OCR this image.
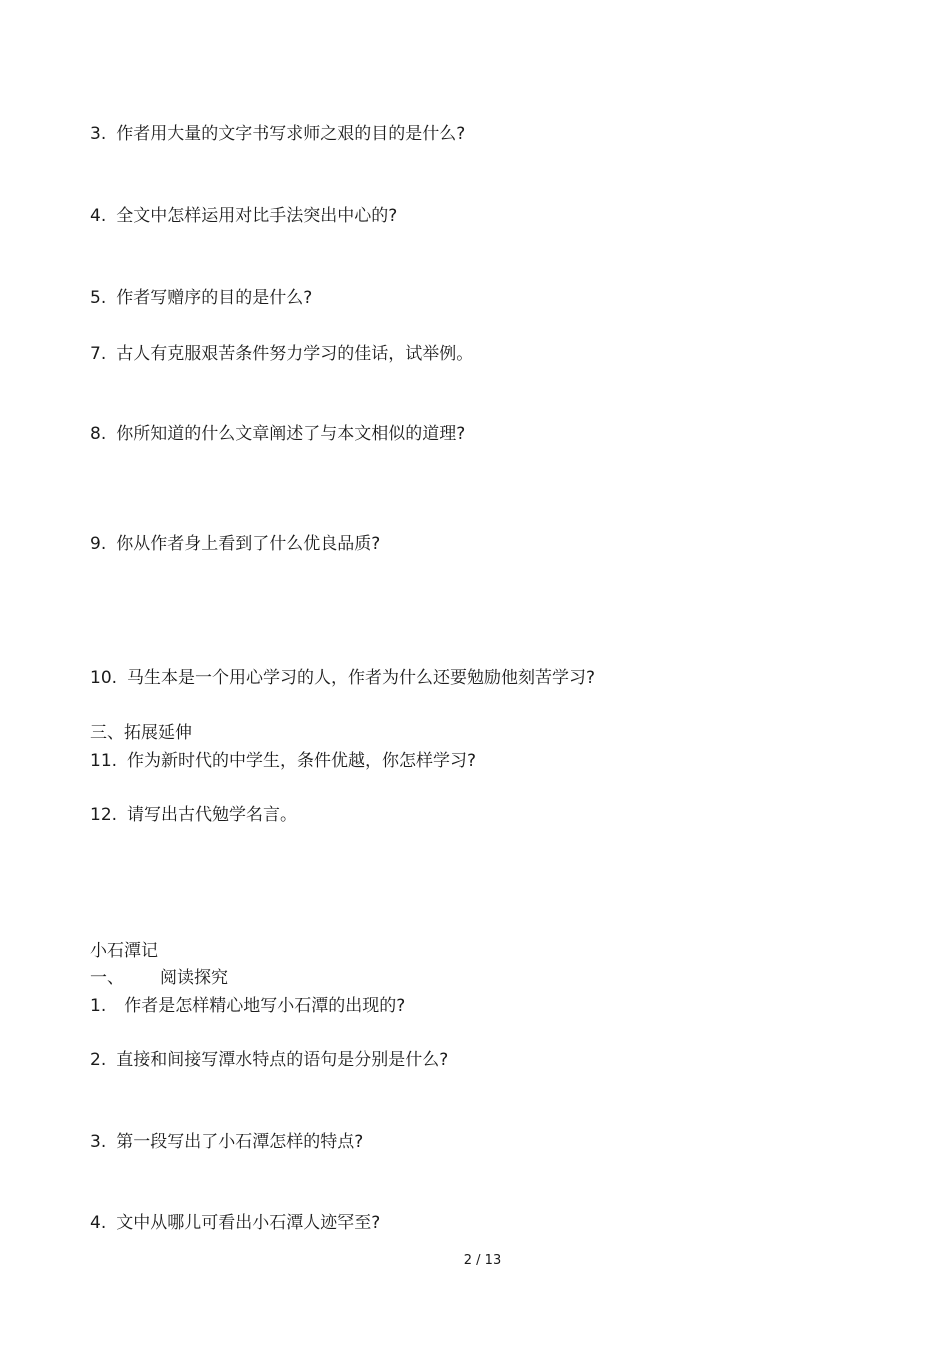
3. 作者用大量的文字书写求师之艰的目的是什么?
4. 全文中怎样运用对比手法突出中心的?
5. 作者写赠序的目的是什么?
7. 古人有克服艰苦条件努力学习的佳话，试举例。
8. 你所知道的什么文章阐述了与本文相似的道理?
9. 你从作者身上看到了什么优良品质?
10. 马生本是一个用心学习的人，作者为什么还要勉励他刻苦学习?
三、拓展延伸
11. 作为新时代的中学生，条件优越，你怎样学习?
12. 请写出古代勉学名言。
小石潭记
一、 阅读探究
1. 作者是怎样精心地写小石潭的出现的?
2. 直接和间接写潭水特点的语句是分别是什么?
3. 第一段写出了小石潭怎样的特点?
4. 文中从哪儿可看出小石潭人迹罕至?
2 / 13
